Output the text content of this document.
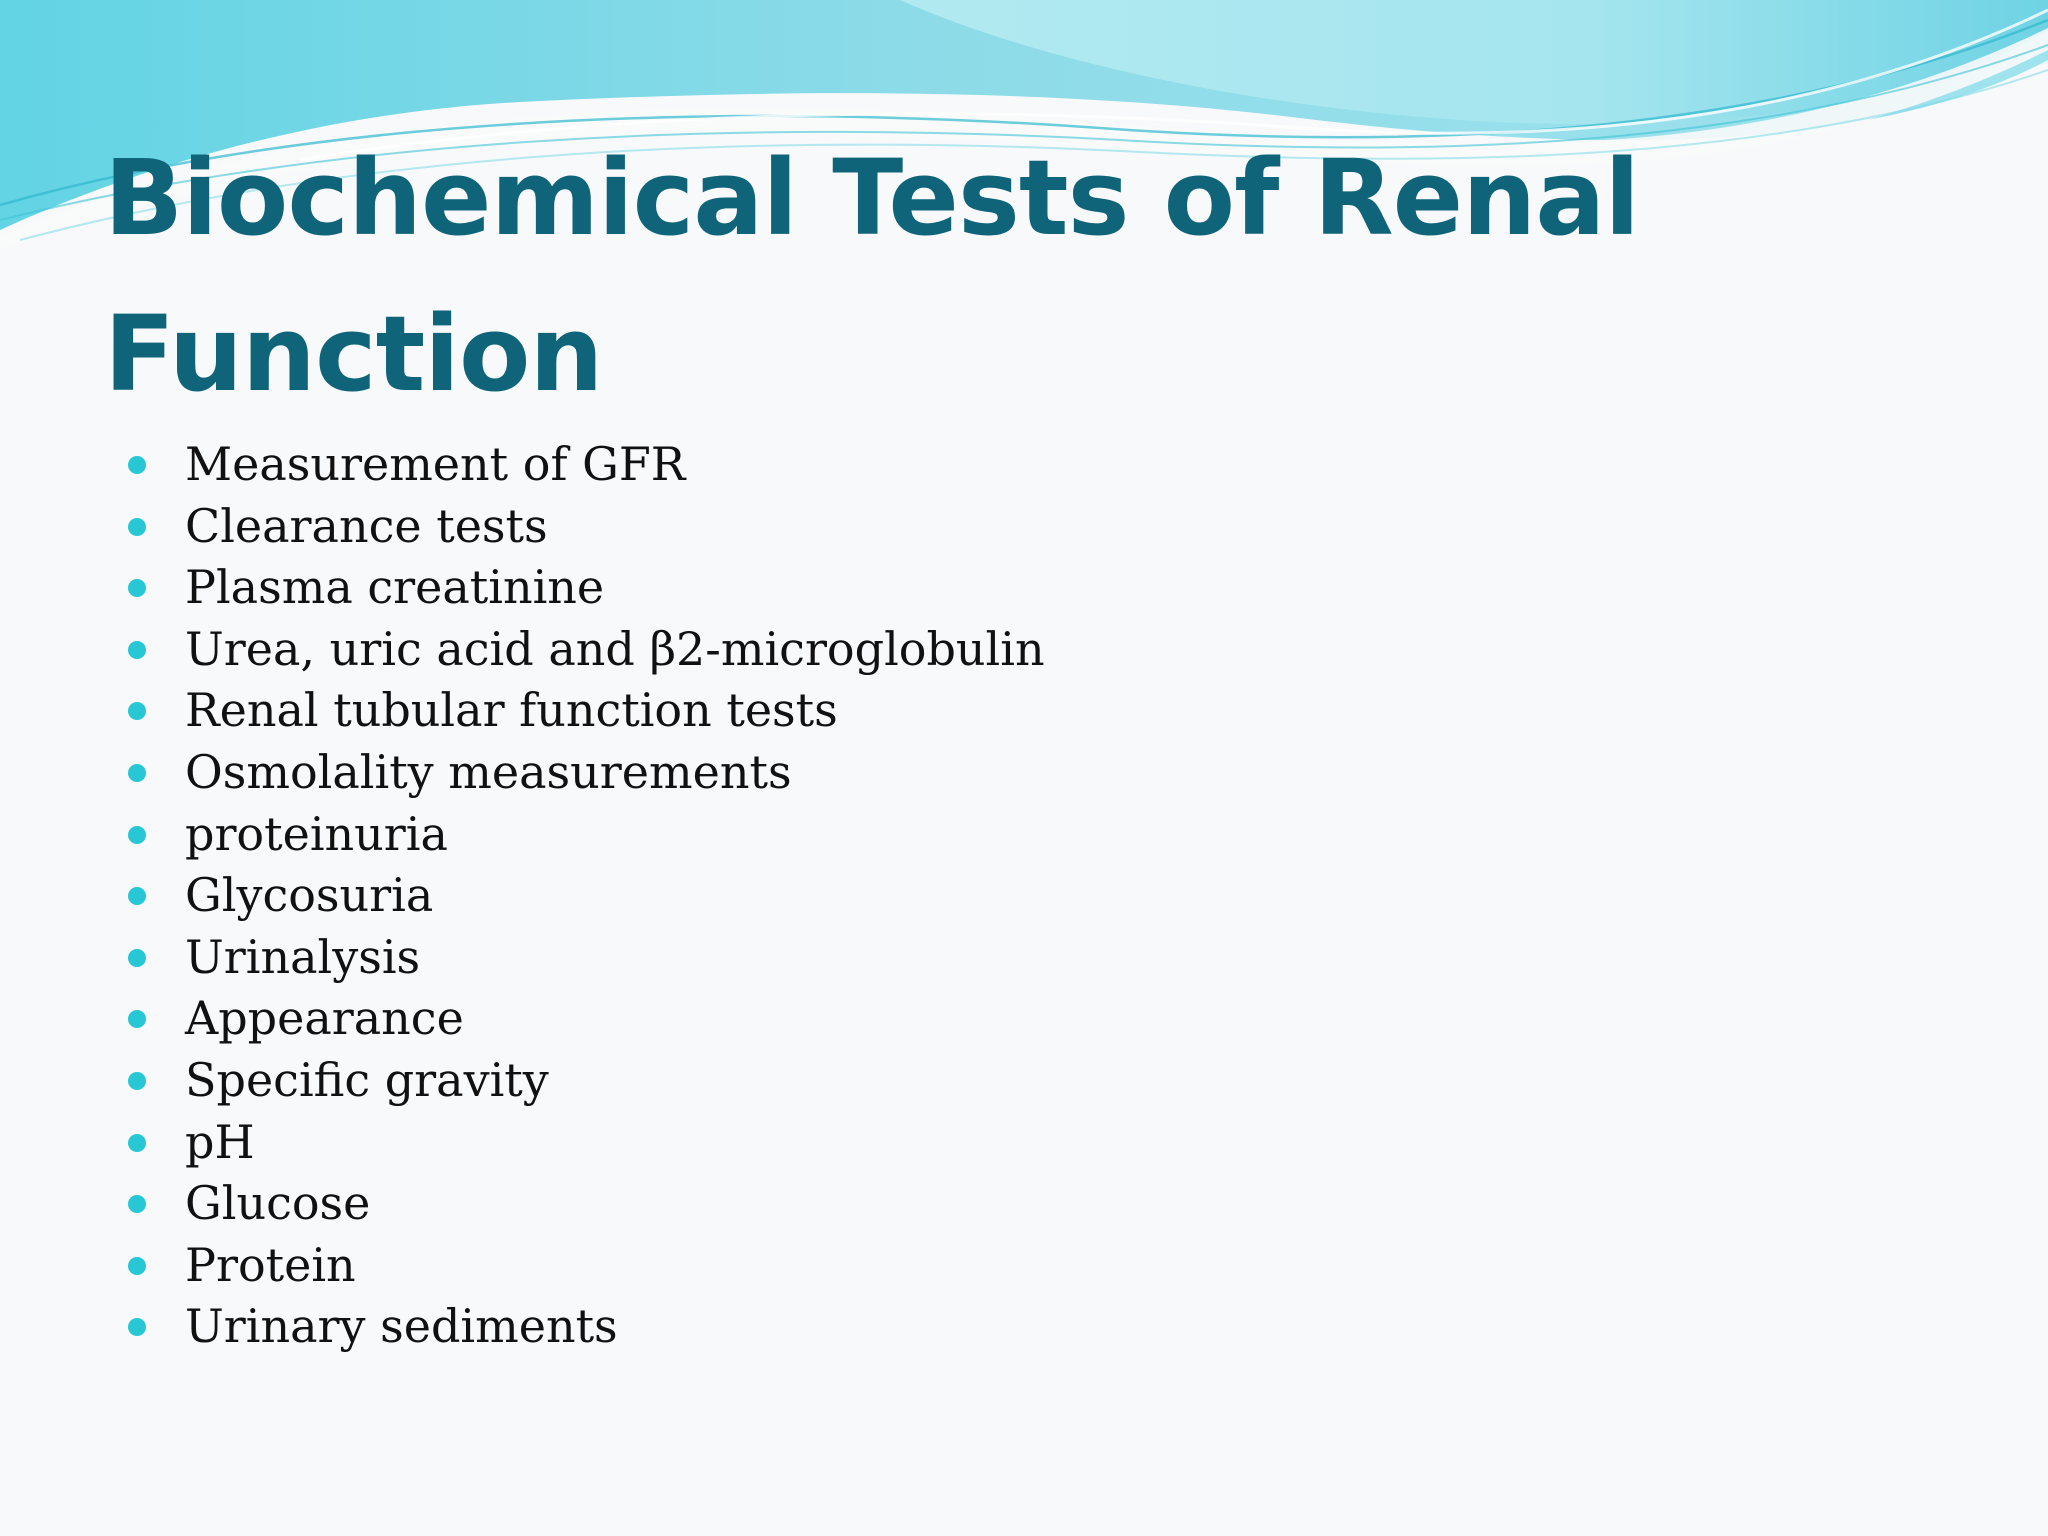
Biochemical Tests of Renal Function
Measurement of GFR
Clearance tests
Plasma creatinine
Urea, uric acid and β2-microglobulin
Renal tubular function tests
Osmolality measurements
proteinuria
Glycosuria
Urinalysis
Appearance
Specific gravity
pH
Glucose
Protein
Urinary sediments
